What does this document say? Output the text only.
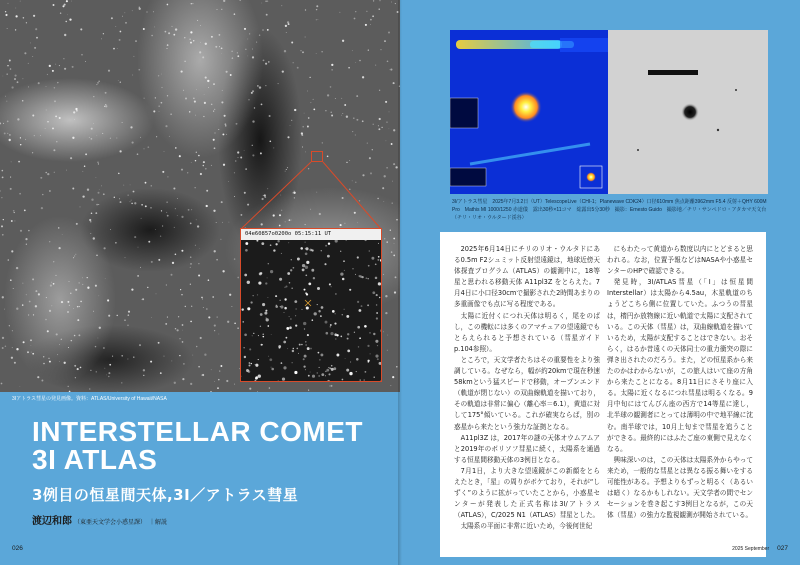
04e60857o0200o 05:15:11 UT
3Iアトラス彗星の発見画像。資料：ATLAS/University of Hawaii/NASA
INTERSTELLAR COMET
3I ATLAS
3例目の恒星間天体,3I／アトラス彗星
渡辺和郎 （東亜天文学会小惑星課） ｜解説
026
3I/アトラス彗星　2025年7月3.2日（UT）TelescopeLive（CHI-1；Planewave CDK24）口径610mm 焦点距離3962mm F5.4 反射＋QHY 600M Pro　Mathis MI 1000/1250 赤道儀　露出30秒×11コマ　総露出5分30秒　撮影：Ernesto Guido　撮影地／チリ・サンペドロ・アタカマ天文台（チリ・リオ・ウルタード渓谷）

2025年6月14日にチリのリオ・ウルタドにある0.5m F2シュミット反射望遠鏡は，地球近傍天体探査プログラム（ATLAS）の観測中に，18等星と思われる移動天体 A11pl3Z をとらえた。7月4日に小口径30cmで撮影された2時間あまりの多重画像でも点に写る程度である。

太陽に近付くにつれ天体は明るく，尾をのばし，この機転には多くのアマチュアの望遠鏡でもとらえられると予想されている（彗星ガイドp.104参照）。

ところで，天文学者たちはその重要性をより強調している。なぜなら，幅が約20kmで現在秒速58kmという猛スピードで移動，オープンエンド（軌道が閉じない）の双曲線軌道を描いており，その軌道は非常に偏心（離心率＝6.1），黄道に対して175°傾いている。これが確実ならば，別の惑星から来たという強力な証拠となる。

A11pl3Z は，2017年の謎の天体オウムアムアと2019年のボリソフ彗星に続く，太陽系を通過する恒星間移動天体の3例目となる。

7月1日，より大きな望遠鏡がこの新顔をとらえたとき，「星」の周りがボケており，それが“しずく”のように拡がっていたことから，小惑星センターが発表した正式名称は3I/アトラス（ATLAS），C/2025 N1（ATLAS）彗星とした。

太陽系の平面に非常に近いため，今後何世紀

にもわたって黄道から数度以内にとどまると思われる。なお，位置予報などはNASAや小惑星センターのHPで確認できる。

発見時，3I/ATLAS彗星（「I」は恒星間Interstellar）は太陽から4.5au，木星軌道のちょうどこちら側に位置していた。ふつうの彗星は，楕円か放物線に近い軌道で太陽に支配されている。この天体（彗星）は，双曲線軌道を描いているため，太陽が支配することはできない。おそらく，はるか昔遠くの天体同士の重力衝突の際に弾き出されたのだろう。また，どの恒星系から来たのかはわからないが，この旅人はいて座の方角から来たことになる。8月11日にさそり座に入る。太陽に近くなるにつれ彗星は明るくなる。9月中旬にはてんびん座の西方で14等星に達し，北半球の観測者にとっては薄明の中で地平線に沈む。南半球では，10月上旬まで彗星を追うことができる。最終的にはふたご座の東側で見えなくなる。

興味深いのは，この天体は太陽系外からやって来ため，一般的な彗星とは異なる振る舞いをする可能性がある。予想よりもずっと明るく（あるいは暗く）なるかもしれない。天文学者の間でセンセーションを巻き起こす3例目となるが，この天体（彗星）の強力な監視観測が開始されている。

2025 September 027
